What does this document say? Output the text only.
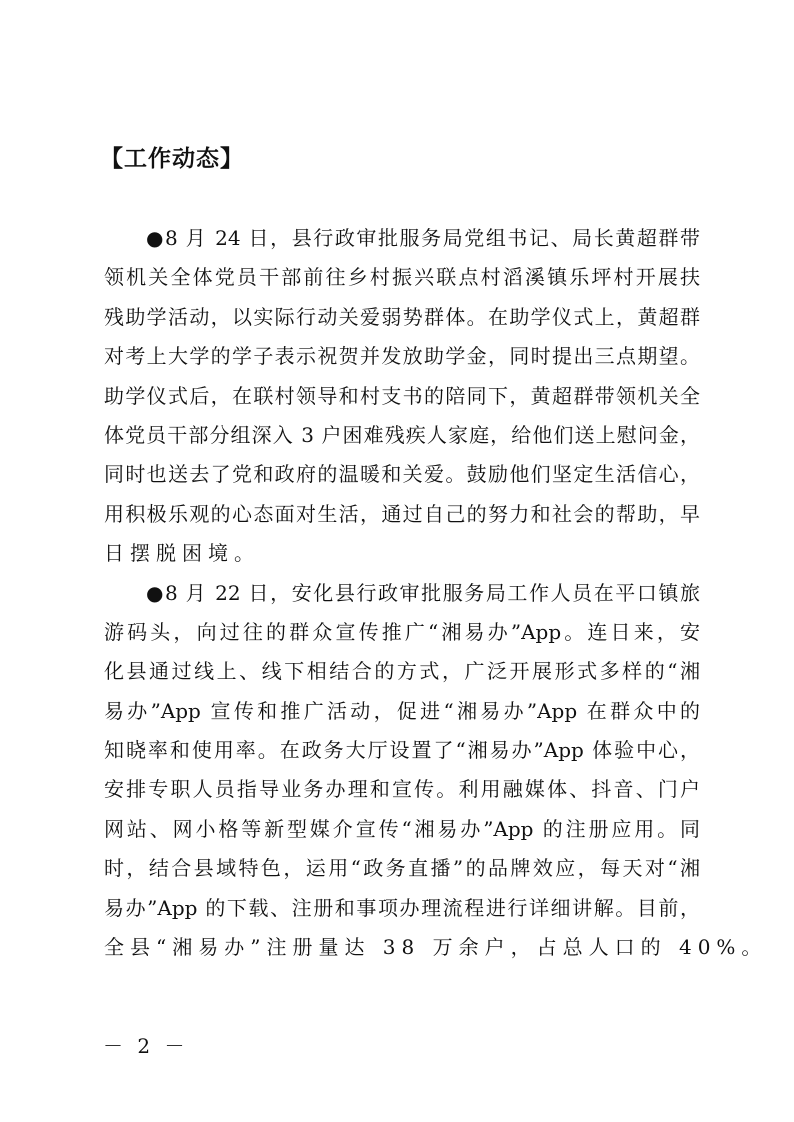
【工作动态】
●8 月 24 日，县行政审批服务局党组书记、局长黄超群带
领机关全体党员干部前往乡村振兴联点村滔溪镇乐坪村开展扶
残助学活动，以实际行动关爱弱势群体。在助学仪式上，黄超群
对考上大学的学子表示祝贺并发放助学金，同时提出三点期望。
助学仪式后，在联村领导和村支书的陪同下，黄超群带领机关全
体党员干部分组深入 3 户困难残疾人家庭，给他们送上慰问金，
同时也送去了党和政府的温暖和关爱。鼓励他们坚定生活信心，
用积极乐观的心态面对生活，通过自己的努力和社会的帮助，早
日摆脱困境。
●8 月 22 日，安化县行政审批服务局工作人员在平口镇旅
游码头，向过往的群众宣传推广“湘易办”App。连日来，安
化县通过线上、线下相结合的方式，广泛开展形式多样的“湘
易办”App 宣传和推广活动，促进“湘易办”App 在群众中的
知晓率和使用率。在政务大厅设置了“湘易办”App 体验中心，
安排专职人员指导业务办理和宣传。利用融媒体、抖音、门户
网站、网小格等新型媒介宣传“湘易办”App 的注册应用。同
时，结合县域特色，运用“政务直播”的品牌效应，每天对“湘
易办”App 的下载、注册和事项办理流程进行详细讲解。目前，
全县“湘易办”注册量达 38 万余户，占总人口的 40%。
－ 2 －
